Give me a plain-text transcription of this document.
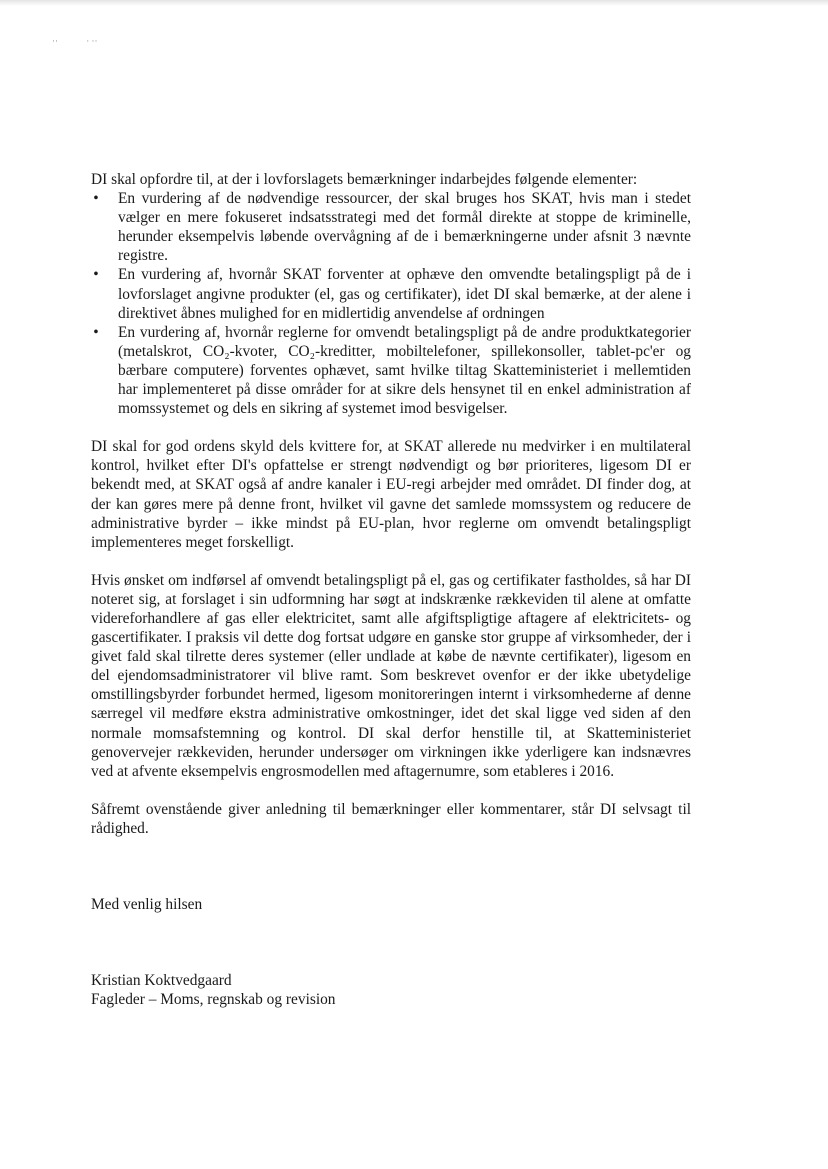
··	· ··

DI skal opfordre til, at der i lovforslagets bemærkninger indarbejdes følgende elementer:

• En vurdering af de nødvendige ressourcer, der skal bruges hos SKAT, hvis man i stedet vælger en mere fokuseret indsatsstrategi med det formål direkte at stoppe de kriminelle, herunder eksempelvis løbende overvågning af de i bemærkningerne under afsnit 3 nævnte registre.
• En vurdering af, hvornår SKAT forventer at ophæve den omvendte betalingspligt på de i lovforslaget angivne produkter (el, gas og certifikater), idet DI skal bemærke, at der alene i direktivet åbnes mulighed for en midlertidig anvendelse af ordningen
• En vurdering af, hvornår reglerne for omvendt betalingspligt på de andre produktkategorier (metalskrot, CO₂-kvoter, CO₂-kreditter, mobiltelefoner, spillekonsoller, tablet-pc'er og bærbare computere) forventes ophævet, samt hvilke tiltag Skatteministeriet i mellemtiden har implementeret på disse områder for at sikre dels hensynet til en enkel administration af momssystemet og dels en sikring af systemet imod besvigelser.

DI skal for god ordens skyld dels kvittere for, at SKAT allerede nu medvirker i en multilateral kontrol, hvilket efter DI's opfattelse er strengt nødvendigt og bør prioriteres, ligesom DI er bekendt med, at SKAT også af andre kanaler i EU-regi arbejder med området. DI finder dog, at der kan gøres mere på denne front, hvilket vil gavne det samlede momssystem og reducere de administrative byrder – ikke mindst på EU-plan, hvor reglerne om omvendt betalingspligt implementeres meget forskelligt.

Hvis ønsket om indførsel af omvendt betalingspligt på el, gas og certifikater fastholdes, så har DI noteret sig, at forslaget i sin udformning har søgt at indskrænke rækkeviden til alene at omfatte videreforhandlere af gas eller elektricitet, samt alle afgiftspligtige aftagere af elektricitets- og gascertifikater. I praksis vil dette dog fortsat udgøre en ganske stor gruppe af virksomheder, der i givet fald skal tilrette deres systemer (eller undlade at købe de nævnte certifikater), ligesom en del ejendomsadministratorer vil blive ramt. Som beskrevet ovenfor er der ikke ubetydelige omstillingsbyrder forbundet hermed, ligesom monitoreringen internt i virksomhederne af denne særregel vil medføre ekstra administrative omkostninger, idet det skal ligge ved siden af den normale momsafstemning og kontrol. DI skal derfor henstille til, at Skatteministeriet genovervejer rækkeviden, herunder undersøger om virkningen ikke yderligere kan indsnævres ved at afvente eksempelvis engrosmodellen med aftagernumre, som etableres i 2016.

Såfremt ovenstående giver anledning til bemærkninger eller kommentarer, står DI selvsagt til rådighed.

Med venlig hilsen

Kristian Koktvedgaard

Fagleder – Moms, regnskab og revision
